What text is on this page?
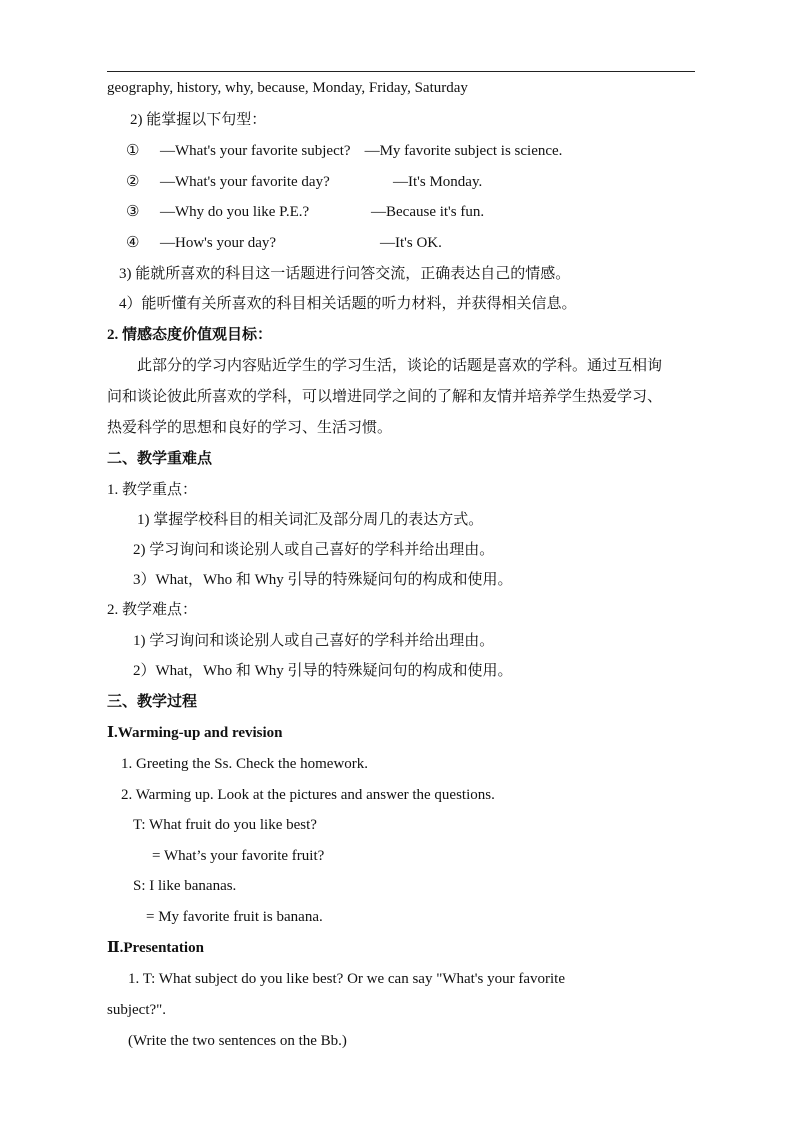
geography, history, why, because, Monday, Friday, Saturday
2) 能掌握以下句型：
① —What's your favorite subject? —My favorite subject is science.
② —What's your favorite day?	—It's Monday.
③ —Why do you like P.E.?	—Because it's fun.
④ —How's your day?	—It's OK.
3) 能就所喜欢的科目这一话题进行问答交流，正确表达自己的情感。
4）能听懂有关所喜欢的科目相关话题的听力材料，并获得相关信息。
2. 情感态度价值观目标：
此部分的学习内容贴近学生的学习生活，谈论的话题是喜欢的学科。通过互相询
问和谈论彼此所喜欢的学科，可以增进同学之间的了解和友情并培养学生热爱学习、
热爱科学的思想和良好的学习、生活习惯。
二、教学重难点
1. 教学重点：
1) 掌握学校科目的相关词汇及部分周几的表达方式。
2) 学习询问和谈论别人或自己喜好的学科并给出理由。
3）What，Who 和 Why 引导的特殊疑问句的构成和使用。
2. 教学难点：
1) 学习询问和谈论别人或自己喜好的学科并给出理由。
2）What，Who 和 Why 引导的特殊疑问句的构成和使用。
三、教学过程
Ⅰ.Warming-up and revision
1. Greeting the Ss. Check the homework.
2. Warming up. Look at the pictures and answer the questions.
T: What fruit do you like best?
= What’s your favorite fruit?
S: I like bananas.
= My favorite fruit is banana.
Ⅱ.Presentation
1. T: What subject do you like best? Or we can say "What's your favorite
subject?".
(Write the two sentences on the Bb.)
